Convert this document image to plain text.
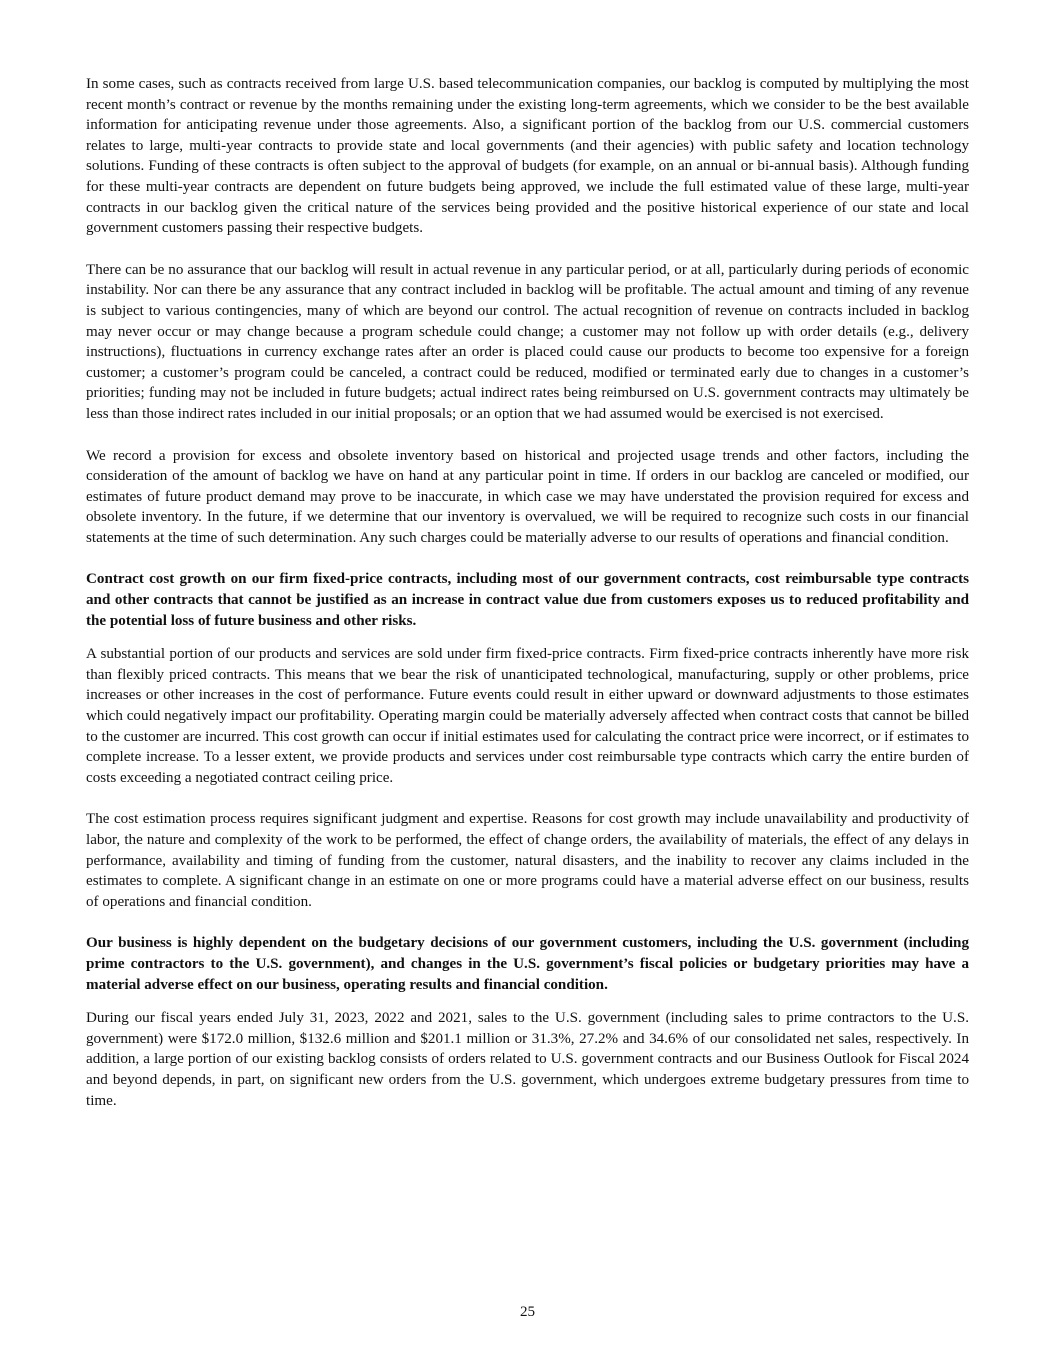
In some cases, such as contracts received from large U.S. based telecommunication companies, our backlog is computed by multiplying the most recent month’s contract or revenue by the months remaining under the existing long-term agreements, which we consider to be the best available information for anticipating revenue under those agreements. Also, a significant portion of the backlog from our U.S. commercial customers relates to large, multi-year contracts to provide state and local governments (and their agencies) with public safety and location technology solutions. Funding of these contracts is often subject to the approval of budgets (for example, on an annual or bi-annual basis). Although funding for these multi-year contracts are dependent on future budgets being approved, we include the full estimated value of these large, multi-year contracts in our backlog given the critical nature of the services being provided and the positive historical experience of our state and local government customers passing their respective budgets.

There can be no assurance that our backlog will result in actual revenue in any particular period, or at all, particularly during periods of economic instability. Nor can there be any assurance that any contract included in backlog will be profitable. The actual amount and timing of any revenue is subject to various contingencies, many of which are beyond our control. The actual recognition of revenue on contracts included in backlog may never occur or may change because a program schedule could change; a customer may not follow up with order details (e.g., delivery instructions), fluctuations in currency exchange rates after an order is placed could cause our products to become too expensive for a foreign customer; a customer’s program could be canceled, a contract could be reduced, modified or terminated early due to changes in a customer’s priorities; funding may not be included in future budgets; actual indirect rates being reimbursed on U.S. government contracts may ultimately be less than those indirect rates included in our initial proposals; or an option that we had assumed would be exercised is not exercised.

We record a provision for excess and obsolete inventory based on historical and projected usage trends and other factors, including the consideration of the amount of backlog we have on hand at any particular point in time. If orders in our backlog are canceled or modified, our estimates of future product demand may prove to be inaccurate, in which case we may have understated the provision required for excess and obsolete inventory. In the future, if we determine that our inventory is overvalued, we will be required to recognize such costs in our financial statements at the time of such determination. Any such charges could be materially adverse to our results of operations and financial condition.

Contract cost growth on our firm fixed-price contracts, including most of our government contracts, cost reimbursable type contracts and other contracts that cannot be justified as an increase in contract value due from customers exposes us to reduced profitability and the potential loss of future business and other risks.

A substantial portion of our products and services are sold under firm fixed-price contracts. Firm fixed-price contracts inherently have more risk than flexibly priced contracts. This means that we bear the risk of unanticipated technological, manufacturing, supply or other problems, price increases or other increases in the cost of performance. Future events could result in either upward or downward adjustments to those estimates which could negatively impact our profitability. Operating margin could be materially adversely affected when contract costs that cannot be billed to the customer are incurred. This cost growth can occur if initial estimates used for calculating the contract price were incorrect, or if estimates to complete increase. To a lesser extent, we provide products and services under cost reimbursable type contracts which carry the entire burden of costs exceeding a negotiated contract ceiling price.

The cost estimation process requires significant judgment and expertise. Reasons for cost growth may include unavailability and productivity of labor, the nature and complexity of the work to be performed, the effect of change orders, the availability of materials, the effect of any delays in performance, availability and timing of funding from the customer, natural disasters, and the inability to recover any claims included in the estimates to complete. A significant change in an estimate on one or more programs could have a material adverse effect on our business, results of operations and financial condition.

Our business is highly dependent on the budgetary decisions of our government customers, including the U.S. government (including prime contractors to the U.S. government), and changes in the U.S. government’s fiscal policies or budgetary priorities may have a material adverse effect on our business, operating results and financial condition.

During our fiscal years ended July 31, 2023, 2022 and 2021, sales to the U.S. government (including sales to prime contractors to the U.S. government) were $172.0 million, $132.6 million and $201.1 million or 31.3%, 27.2% and 34.6% of our consolidated net sales, respectively. In addition, a large portion of our existing backlog consists of orders related to U.S. government contracts and our Business Outlook for Fiscal 2024 and beyond depends, in part, on significant new orders from the U.S. government, which undergoes extreme budgetary pressures from time to time.

25
